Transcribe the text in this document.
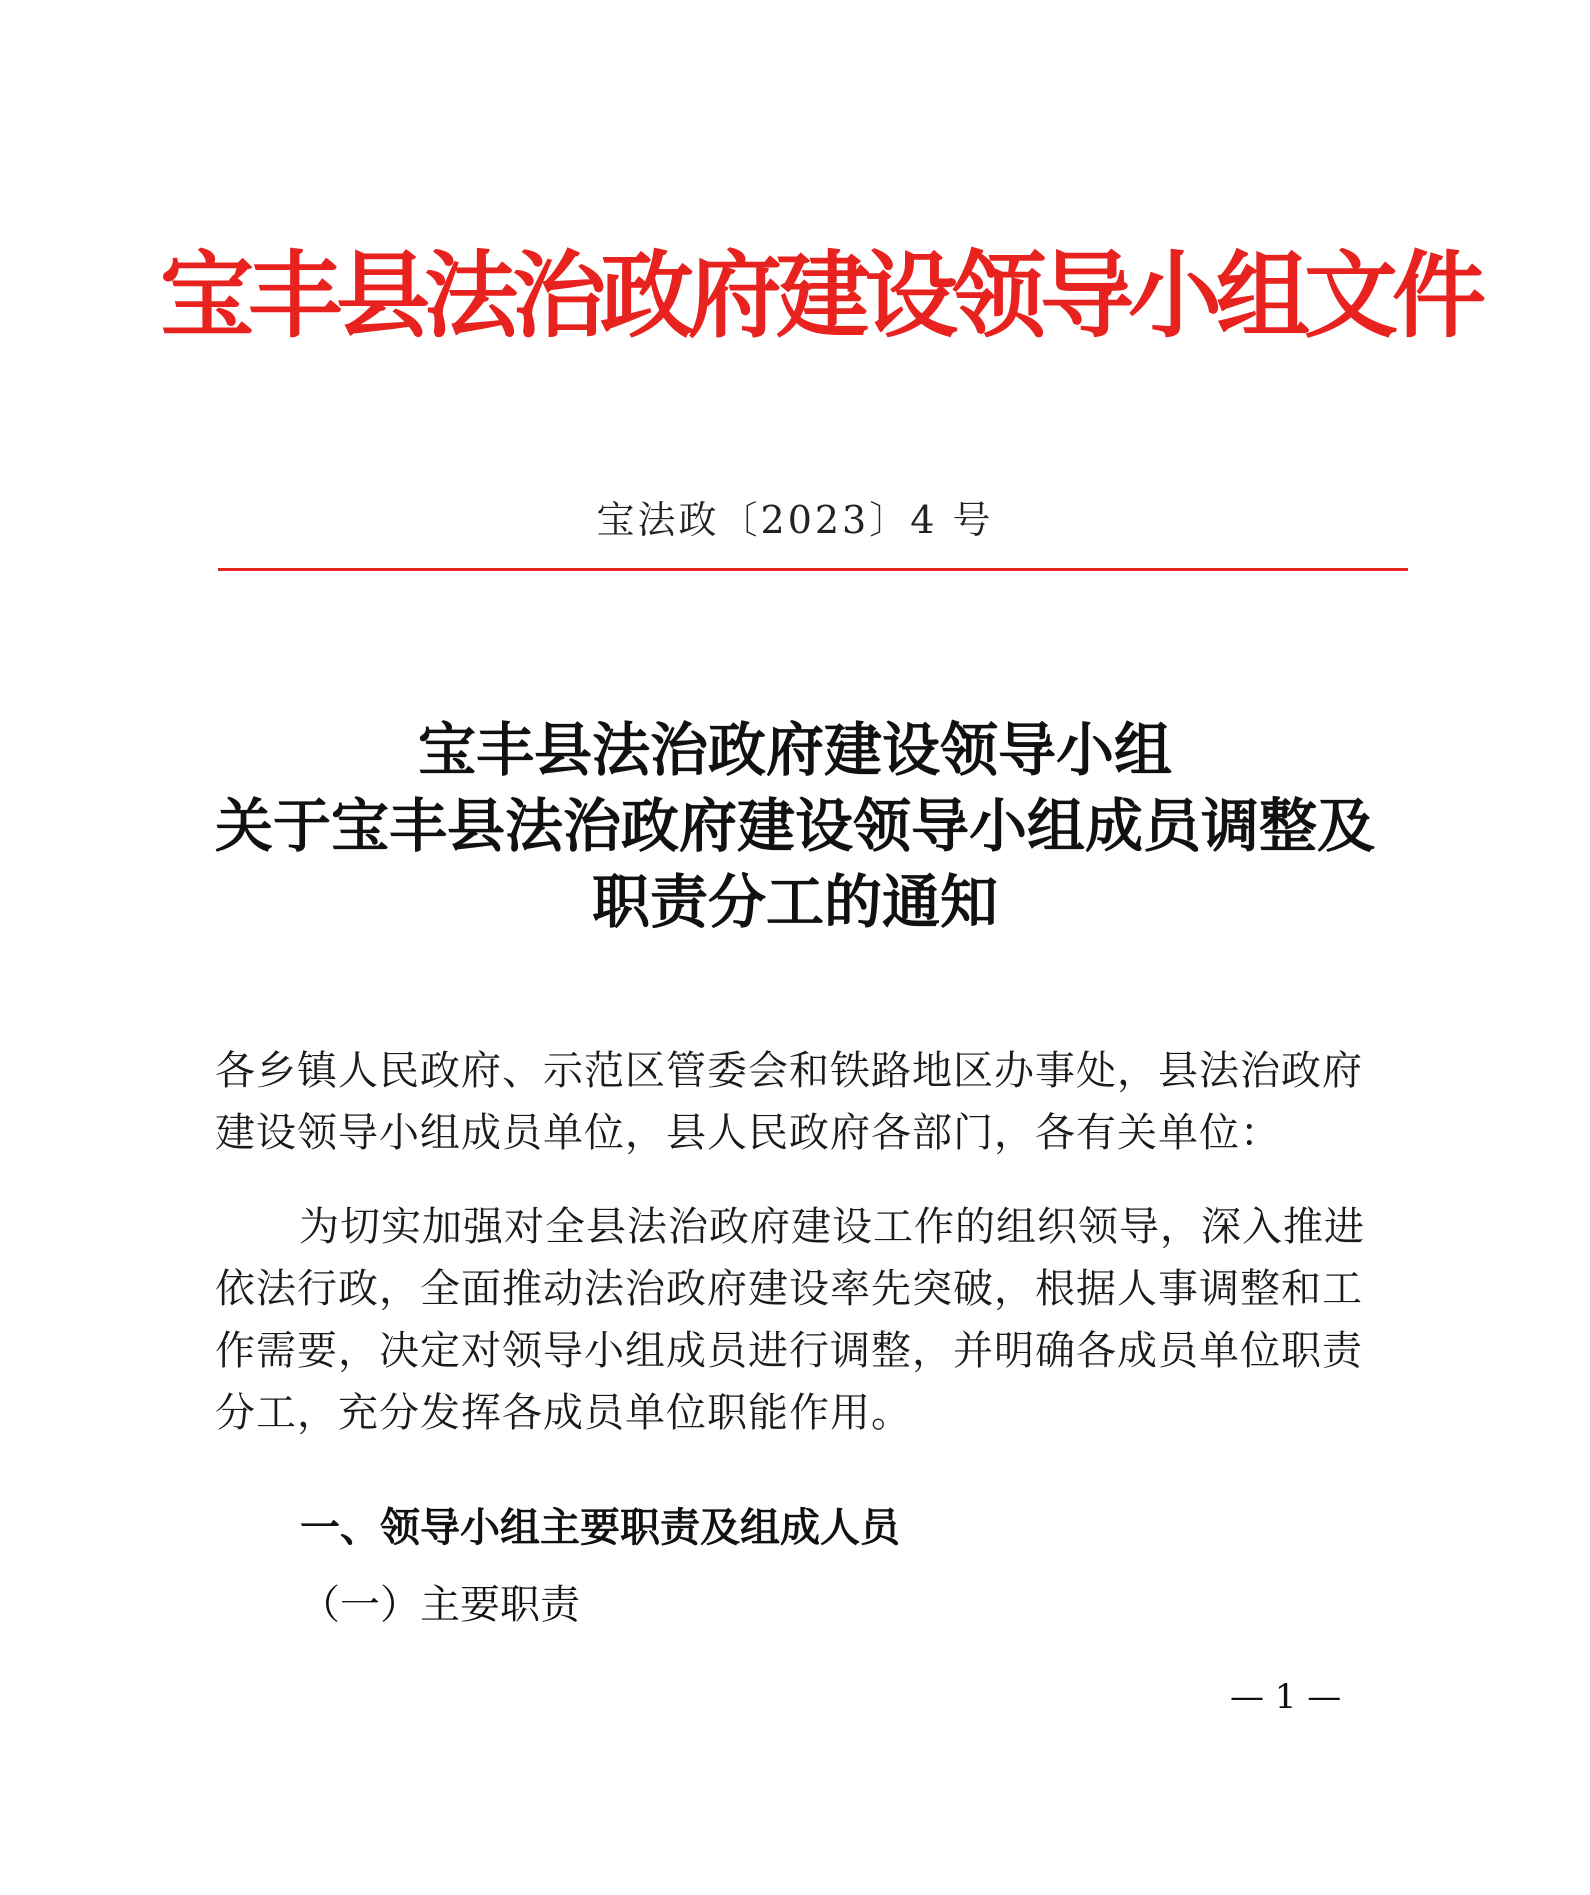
宝丰县法治政府建设领导小组文件
宝法政〔2023〕4 号
宝丰县法治政府建设领导小组
关于宝丰县法治政府建设领导小组成员调整及
职责分工的通知
各乡镇人民政府、示范区管委会和铁路地区办事处，县法治政府
建设领导小组成员单位，县人民政府各部门，各有关单位：
为切实加强对全县法治政府建设工作的组织领导，深入推进
依法行政，全面推动法治政府建设率先突破，根据人事调整和工
作需要，决定对领导小组成员进行调整，并明确各成员单位职责
分工，充分发挥各成员单位职能作用。
一、领导小组主要职责及组成人员
（一）主要职责
— 1 —
